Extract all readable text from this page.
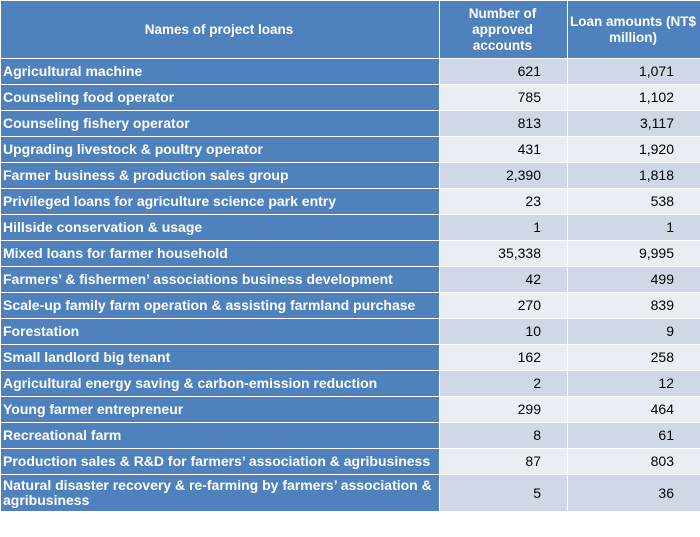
Names of project loans	Number of approved accounts	Loan amounts (NT$ million)
Agricultural machine	621	1,071
Counseling food operator	785	1,102
Counseling fishery operator	813	3,117
Upgrading livestock & poultry operator	431	1,920
Farmer business & production sales group	2,390	1,818
Privileged loans for agriculture science park entry	23	538
Hillside conservation & usage	1	1
Mixed loans for farmer household	35,338	9,995
Farmers’ & fishermen’ associations business development	42	499
Scale-up family farm operation & assisting farmland purchase	270	839
Forestation	10	9
Small landlord big tenant	162	258
Agricultural energy saving & carbon-emission reduction	2	12
Young farmer entrepreneur	299	464
Recreational farm	8	61
Production sales & R&D for farmers’ association & agribusiness	87	803
Natural disaster recovery & re-farming by farmers’ association & agribusiness	5	36
